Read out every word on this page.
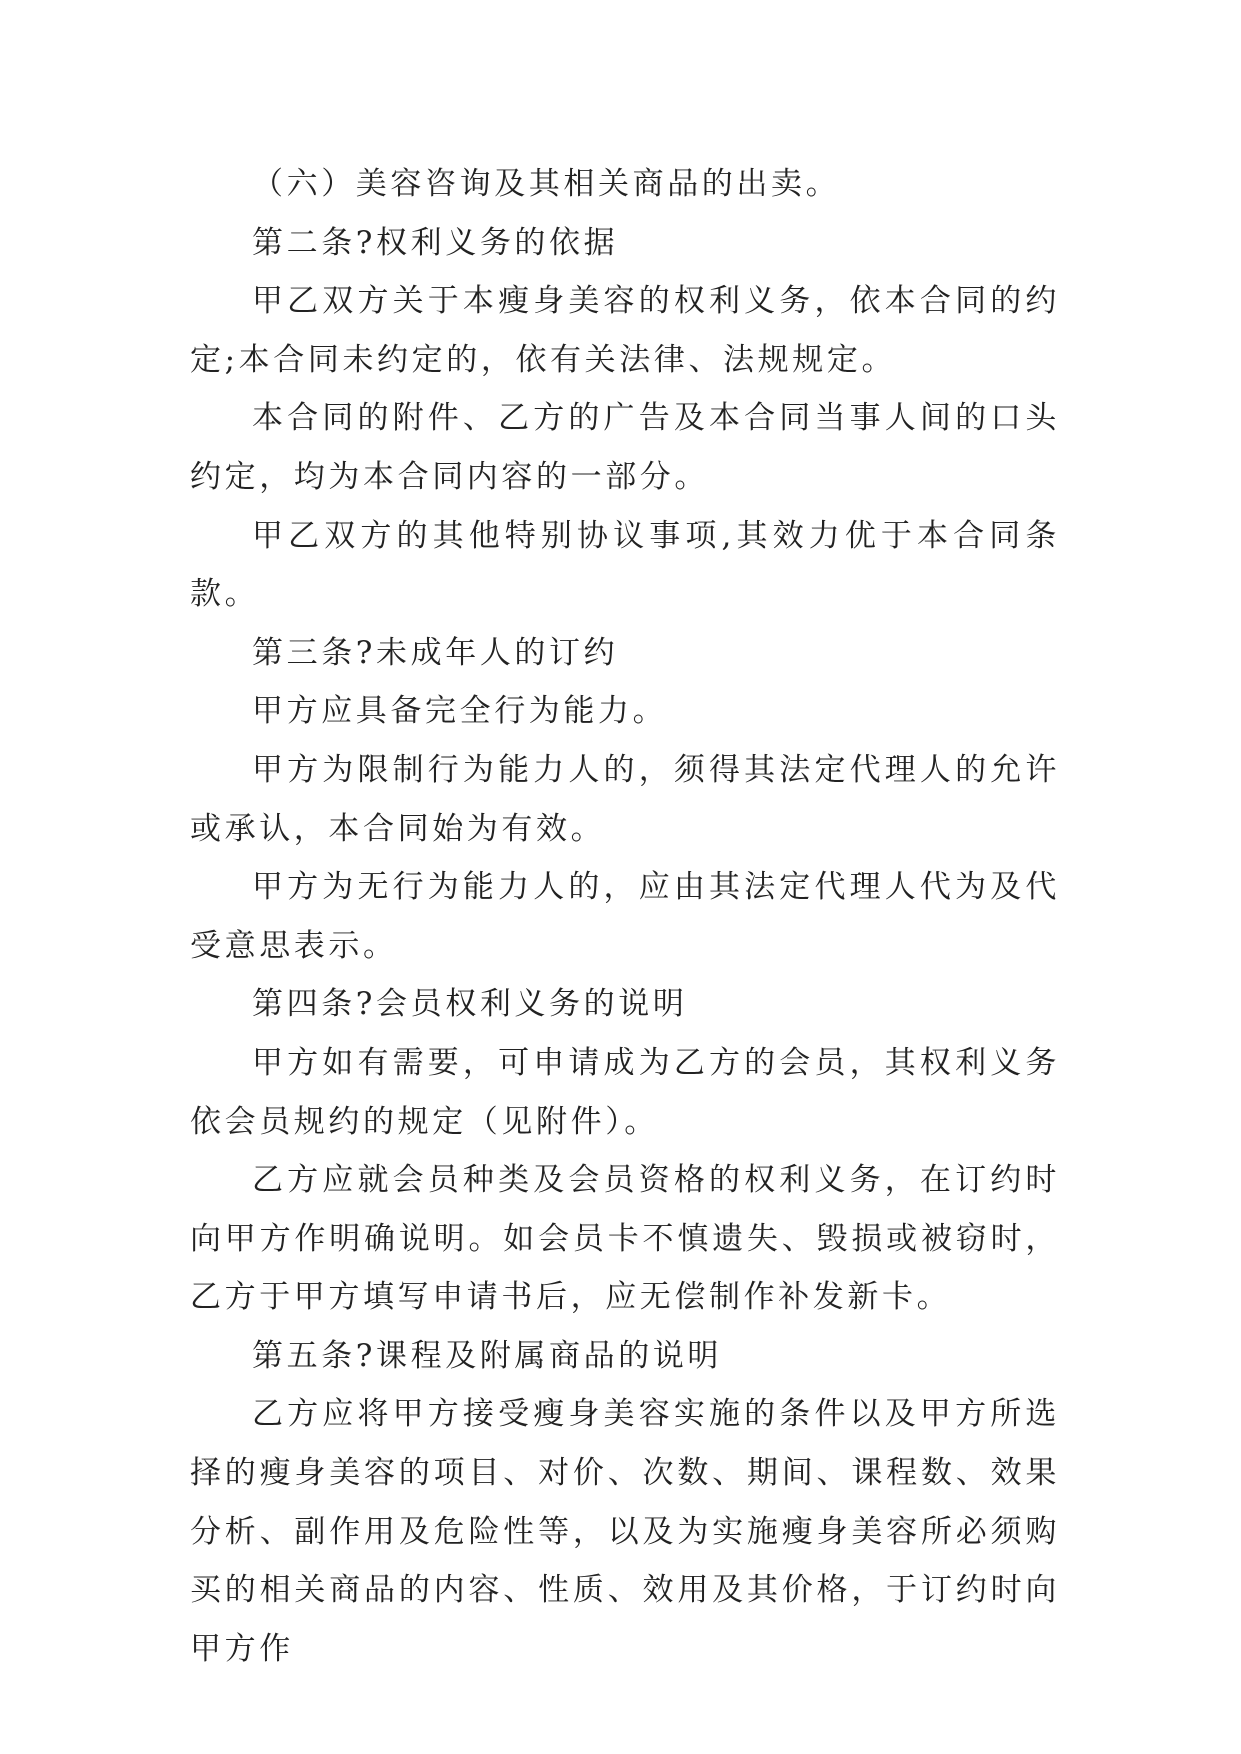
（六）美容咨询及其相关商品的出卖。

第二条?权利义务的依据

甲乙双方关于本瘦身美容的权利义务，依本合同的约定;本合同未约定的，依有关法律、法规规定。

本合同的附件、乙方的广告及本合同当事人间的口头约定，均为本合同内容的一部分。

甲乙双方的其他特别协议事项,其效力优于本合同条款。

第三条?未成年人的订约

甲方应具备完全行为能力。

甲方为限制行为能力人的，须得其法定代理人的允许或承认，本合同始为有效。

甲方为无行为能力人的，应由其法定代理人代为及代受意思表示。

第四条?会员权利义务的说明

甲方如有需要，可申请成为乙方的会员，其权利义务依会员规约的规定（见附件）。

乙方应就会员种类及会员资格的权利义务，在订约时向甲方作明确说明。如会员卡不慎遗失、毁损或被窃时，乙方于甲方填写申请书后，应无偿制作补发新卡。

第五条?课程及附属商品的说明

乙方应将甲方接受瘦身美容实施的条件以及甲方所选择的瘦身美容的项目、对价、次数、期间、课程数、效果分析、副作用及危险性等，以及为实施瘦身美容所必须购买的相关商品的内容、性质、效用及其价格，于订约时向甲方作
